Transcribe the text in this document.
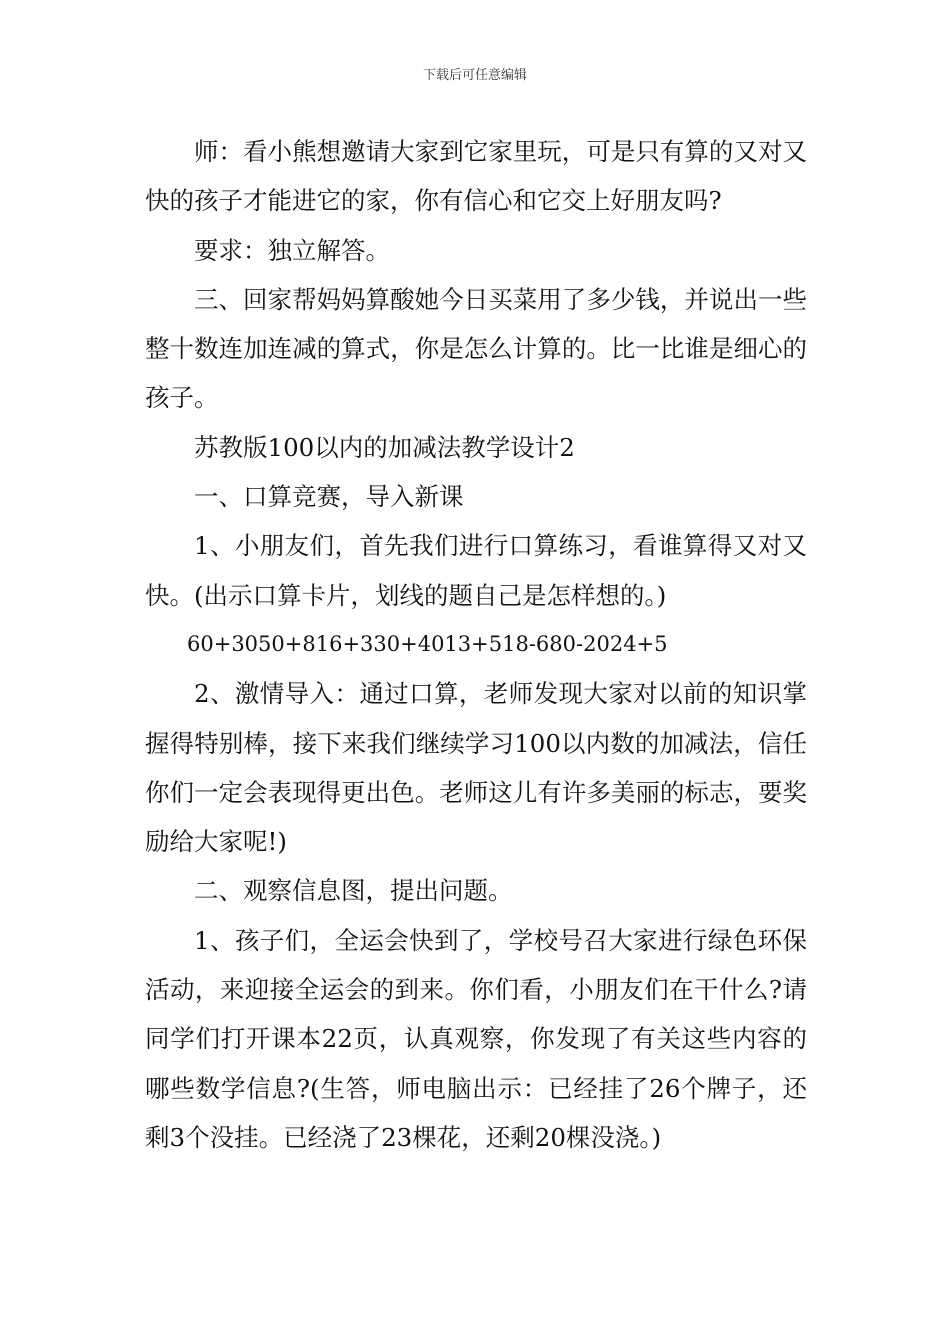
下载后可任意编辑

师：看小熊想邀请大家到它家里玩，可是只有算的又对又快的孩子才能进它的家，你有信心和它交上好朋友吗?

要求：独立解答。

三、回家帮妈妈算酸她今日买菜用了多少钱，并说出一些整十数连加连减的算式，你是怎么计算的。比一比谁是细心的孩子。

苏教版100以内的加减法教学设计2

一、口算竞赛，导入新课

1、小朋友们，首先我们进行口算练习，看谁算得又对又快。(出示口算卡片，划线的题自己是怎样想的。)

60+3050+816+330+4013+518-680-2024+5

2、激情导入：通过口算，老师发现大家对以前的知识掌握得特别棒，接下来我们继续学习100以内数的加减法，信任你们一定会表现得更出色。老师这儿有许多美丽的标志，要奖励给大家呢!)

二、观察信息图，提出问题。

1、孩子们，全运会快到了，学校号召大家进行绿色环保活动，来迎接全运会的到来。你们看，小朋友们在干什么?请同学们打开课本22页，认真观察，你发现了有关这些内容的哪些数学信息?(生答，师电脑出示：已经挂了26个牌子，还剩3个没挂。已经浇了23棵花，还剩20棵没浇。)
